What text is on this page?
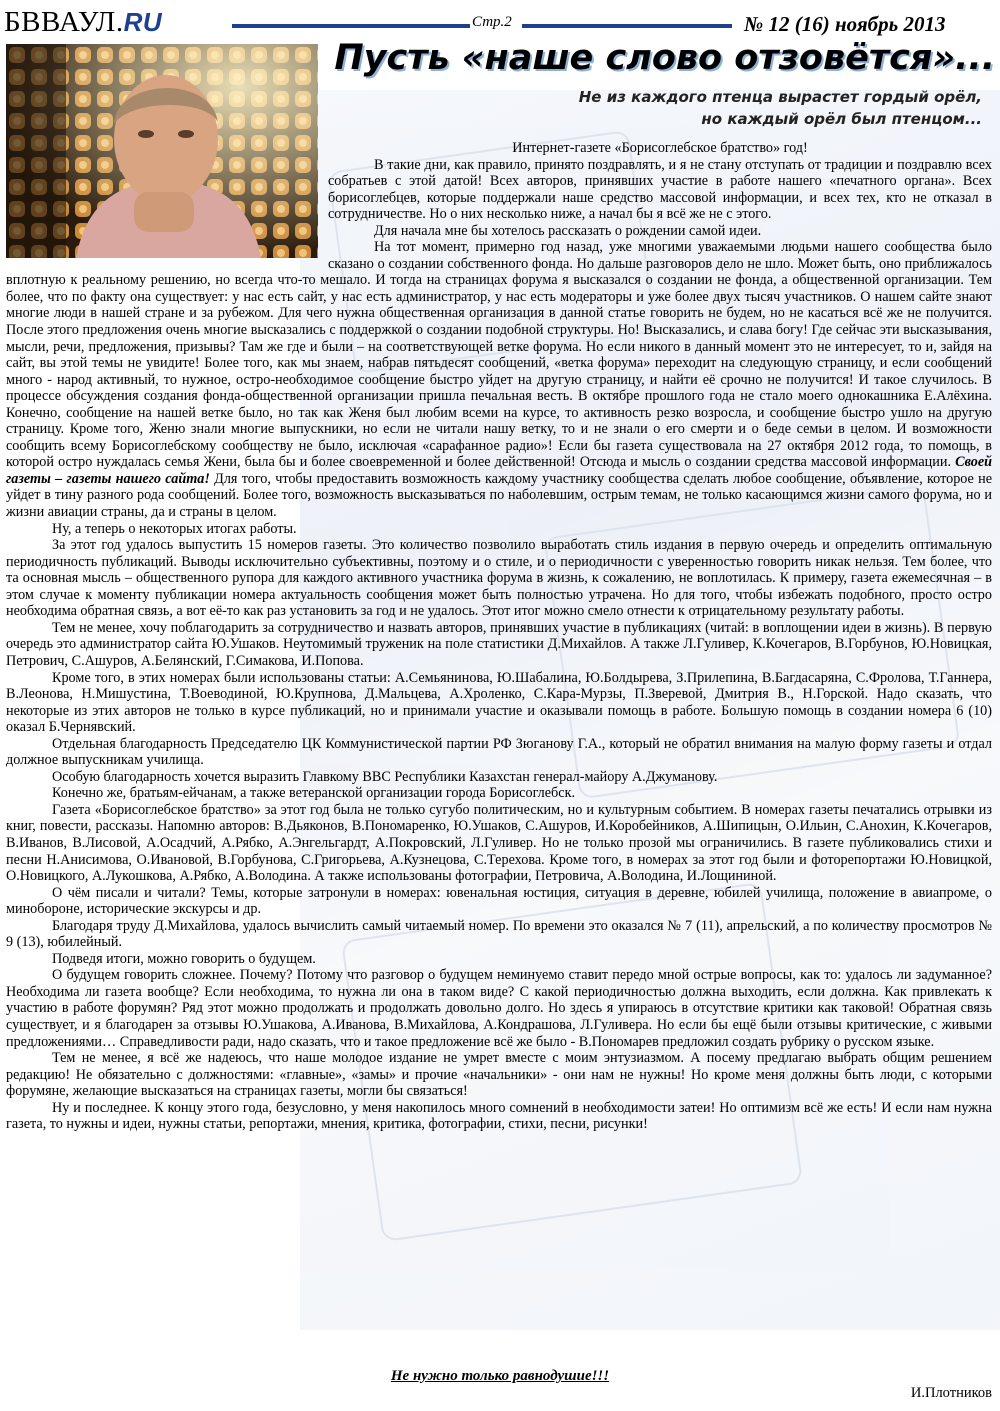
БВВАУЛ.RU	Стр.2	№ 12 (16) ноябрь 2013
Пусть «наше слово отзовётся»...
Не из каждого птенца вырастет гордый орёл,
но каждый орёл был птенцом...

Интернет-газете «Борисоглебское братство» год!

В такие дни, как правило, принято поздравлять, и я не стану отступать от традиции и поздравлю всех собратьев с этой датой! Всех авторов, принявших участие в работе нашего «печатного органа». Всех борисоглебцев, которые поддержали наше средство массовой информации, и всех тех, кто не отказал в сотрудничестве. Но о них несколько ниже, а начал бы я всё же не с этого.

Для начала мне бы хотелось рассказать о рождении самой идеи.

На тот момент, примерно год назад, уже многими уважаемыми людьми нашего сообщества было сказано о создании собственного фонда. Но дальше разговоров дело не шло. Может быть, оно приближалось вплотную к реальному решению, но всегда что-то мешало. И тогда на страницах форума я высказался о создании не фонда, а общественной организации. Тем более, что по факту она существует: у нас есть сайт, у нас есть администратор, у нас есть модераторы и уже более двух тысяч участников. О нашем сайте знают многие люди в нашей стране и за рубежом. Для чего нужна общественная организация в данной статье говорить не будем, но не касаться всё же не получится. После этого предложения очень многие высказались с поддержкой о создании подобной структуры. Но! Высказались, и слава богу! Где сейчас эти высказывания, мысли, речи, предложения, призывы? Там же где и были – на соответствующей ветке форума. Но если никого в данный момент это не интересует, то и, зайдя на сайт, вы этой темы не увидите! Более того, как мы знаем, набрав пятьдесят сообщений, «ветка форума» переходит на следующую страницу, и если сообщений много - народ активный, то нужное, остро-необходимое сообщение быстро уйдет на другую страницу, и найти её срочно не получится! И такое случилось. В процессе обсуждения создания фонда-общественной организации пришла печальная весть. В октябре прошлого года не стало моего однокашника Е.Алёхина. Конечно, сообщение на нашей ветке было, но так как Женя был любим всеми на курсе, то активность резко возросла, и сообщение быстро ушло на другую страницу. Кроме того, Женю знали многие выпускники, но если не читали нашу ветку, то и не знали о его смерти и о беде семьи в целом. И возможности сообщить всему Борисоглебскому сообществу не было, исключая «сарафанное радио»! Если бы газета существовала на 27 октября 2012 года, то помощь, в которой остро нуждалась семья Жени, была бы и более своевременной и более действенной! Отсюда и мысль о создании средства массовой информации. Своей газеты – газеты нашего сайта! Для того, чтобы предоставить возможность каждому участнику сообщества сделать любое сообщение, объявление, которое не уйдет в тину разного рода сообщений. Более того, возможность высказываться по наболевшим, острым темам, не только касающимся жизни самого форума, но и жизни авиации страны, да и страны в целом.

Ну, а теперь о некоторых итогах работы.

За этот год удалось выпустить 15 номеров газеты. Это количество позволило выработать стиль издания в первую очередь и определить оптимальную периодичность публикаций. Выводы исключительно субъективны, поэтому и о стиле, и о периодичности с уверенностью говорить никак нельзя. Тем более, что та основная мысль – общественного рупора для каждого активного участника форума в жизнь, к сожалению, не воплотилась. К примеру, газета ежемесячная – в этом случае к моменту публикации номера актуальность сообщения может быть полностью утрачена. Но для того, чтобы избежать подобного, просто остро необходима обратная связь, а вот её-то как раз установить за год и не удалось. Этот итог можно смело отнести к отрицательному результату работы.

Тем не менее, хочу поблагодарить за сотрудничество и назвать авторов, принявших участие в публикациях (читай: в воплощении идеи в жизнь). В первую очередь это администратор сайта Ю.Ушаков. Неутомимый труженик на поле статистики Д.Михайлов. А также Л.Гуливер, К.Кочегаров, В.Горбунов, Ю.Новицкая, Петрович, С.Ашуров, А.Белянский, Г.Симакова, И.Попова.

Кроме того, в этих номерах были использованы статьи: А.Семьянинова, Ю.Шабалина, Ю.Болдырева, З.Прилепина, В.Багдасаряна, С.Фролова, Т.Ганнера, В.Леонова, Н.Мишустина, Т.Воеводиной, Ю.Крупнова, Д.Мальцева, А.Хроленко, С.Кара-Мурзы, П.Зверевой, Дмитрия В., Н.Горской. Надо сказать, что некоторые из этих авторов не только в курсе публикаций, но и принимали участие и оказывали помощь в работе. Большую помощь в создании номера 6 (10) оказал Б.Чернявский.

Отдельная благодарность Председателю ЦК Коммунистической партии РФ Зюганову Г.А., который не обратил внимания на малую форму газеты и отдал должное выпускникам училища.

Особую благодарность хочется выразить Главкому ВВС Республики Казахстан генерал-майору А.Джуманову.

Конечно же, братьям-ейчанам, а также ветеранской организации города Борисоглебск.

Газета «Борисоглебское братство» за этот год была не только сугубо политическим, но и культурным событием. В номерах газеты печатались отрывки из книг, повести, рассказы. Напомню авторов: В.Дьяконов, В.Пономаренко, Ю.Ушаков, С.Ашуров, И.Коробейников, А.Шипицын, О.Ильин, С.Анохин, К.Кочегаров, В.Иванов, В.Лисовой, А.Осадчий, А.Рябко, А.Энгельгардт, А.Покровский, Л.Гуливер. Но не только прозой мы ограничились. В газете публиковались стихи и песни Н.Анисимова, О.Ивановой, В.Горбунова, С.Григорьева, А.Кузнецова, С.Терехова. Кроме того, в номерах за этот год были и фоторепортажи Ю.Новицкой, О.Новицкого, А.Лукошкова, А.Рябко, А.Володина. А также использованы фотографии, Петровича, А.Володина, И.Лощининой.

О чём писали и читали? Темы, которые затронули в номерах: ювенальная юстиция, ситуация в деревне, юбилей училища, положение в авиапроме, о минобороне, исторические экскурсы и др.

Благодаря труду Д.Михайлова, удалось вычислить самый читаемый номер. По времени это оказался № 7 (11), апрельский, а по количеству просмотров № 9 (13), юбилейный.

Подведя итоги, можно говорить о будущем.

О будущем говорить сложнее. Почему? Потому что разговор о будущем неминуемо ставит передо мной острые вопросы, как то: удалось ли задуманное? Необходима ли газета вообще? Если необходима, то нужна ли она в таком виде? С какой периодичностью должна выходить, если должна. Как привлекать к участию в работе форумян? Ряд этот можно продолжать и продолжать довольно долго. Но здесь я упираюсь в отсутствие критики как таковой! Обратная связь существует, и я благодарен за отзывы Ю.Ушакова, А.Иванова, В.Михайлова, А.Кондрашова, Л.Гуливера. Но если бы ещё были отзывы критические, с живыми предложениями… Справедливости ради, надо сказать, что и такое предложение всё же было - В.Пономарев предложил создать рубрику о русском языке.

Тем не менее, я всё же надеюсь, что наше молодое издание не умрет вместе с моим энтузиазмом. А посему предлагаю выбрать общим решением редакцию! Не обязательно с должностями: «главные», «замы» и прочие «начальники» - они нам не нужны! Но кроме меня должны быть люди, с которыми форумяне, желающие высказаться на страницах газеты, могли бы связаться!

Ну и последнее. К концу этого года, безусловно, у меня накопилось много сомнений в необходимости затеи! Но оптимизм всё же есть! И если нам нужна газета, то нужны и идеи, нужны статьи, репортажи, мнения, критика, фотографии, стихи, песни, рисунки!

Не нужно только равнодушие!!!
И.Плотников
